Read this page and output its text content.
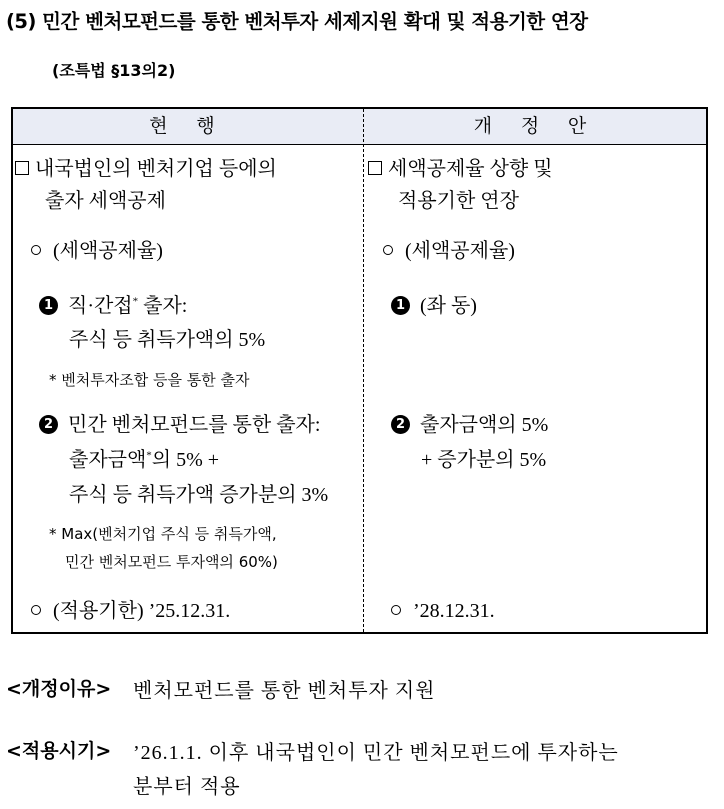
(5) 민간 벤처모펀드를 통한 벤처투자 세제지원 확대 및 적용기한 연장
(조특법 §13의2)
현 행	개 정 안
내국법인의 벤처기업 등에의
출자 세액공제
(세액공제율)
1 직·간접* 출자:
주식 등 취득가액의 5%
* 벤처투자조합 등을 통한 출자
2 민간 벤처모펀드를 통한 출자:
출자금액*의 5% +
주식 등 취득가액 증가분의 3%
* Max(벤처기업 주식 등 취득가액,
민간 벤처모펀드 투자액의 60%)
(적용기한) ’25.12.31.
세액공제율 상향 및
적용기한 연장
(세액공제율)
1 (좌 동)
2 출자금액의 5%
+ 증가분의 5%
’28.12.31.
<개정이유> 벤처모펀드를 통한 벤처투자 지원
<적용시기> ’26.1.1. 이후 내국법인이 민간 벤처모펀드에 투자하는
분부터 적용
